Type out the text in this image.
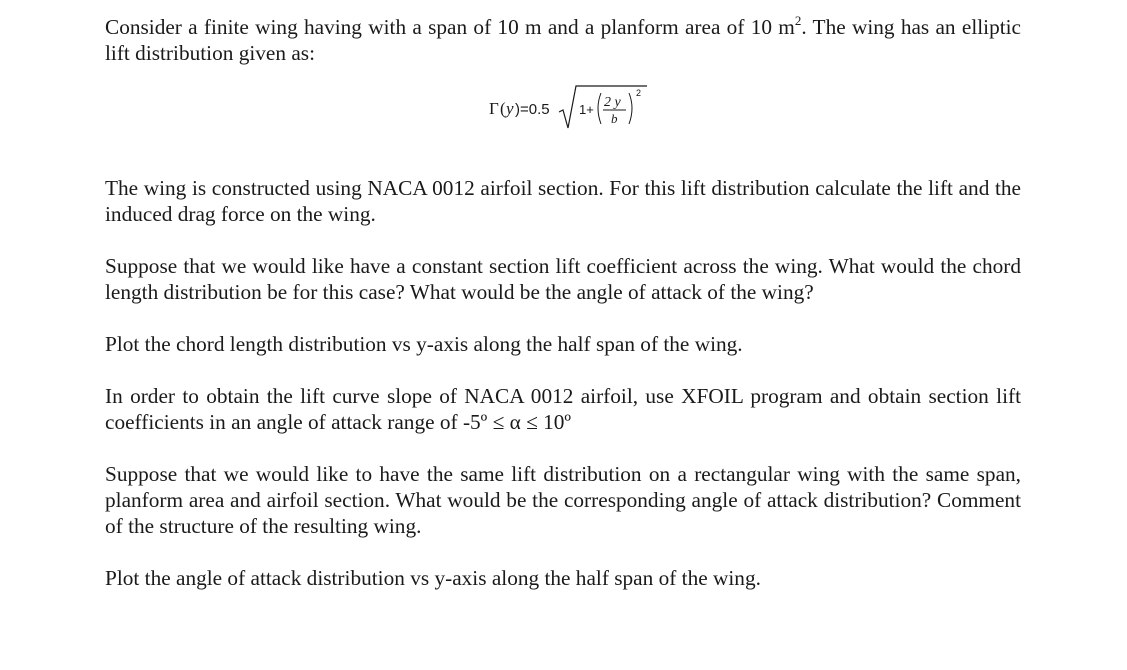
Consider a finite wing having with a span of 10 m and a planform area of 10 $m^2$. The wing has an elliptic lift distribution given as:

Γ ( y )=0.5 1+ 2 y
b
2

The wing is constructed using NACA 0012 airfoil section. For this lift distribution calculate the lift and the induced drag force on the wing.

Suppose that we would like have a constant section lift coefficient across the wing. What would the chord length distribution be for this case? What would be the angle of attack of the wing?

Plot the chord length distribution vs y-axis along the half span of the wing.

In order to obtain the lift curve slope of NACA 0012 airfoil, use XFOIL program and obtain section lift coefficients in an angle of attack range of -5º ≤ α ≤ 10º

Suppose that we would like to have the same lift distribution on a rectangular wing with the same span, planform area and airfoil section. What would be the corresponding angle of attack distribution? Comment of the structure of the resulting wing.

Plot the angle of attack distribution vs y-axis along the half span of the wing.
